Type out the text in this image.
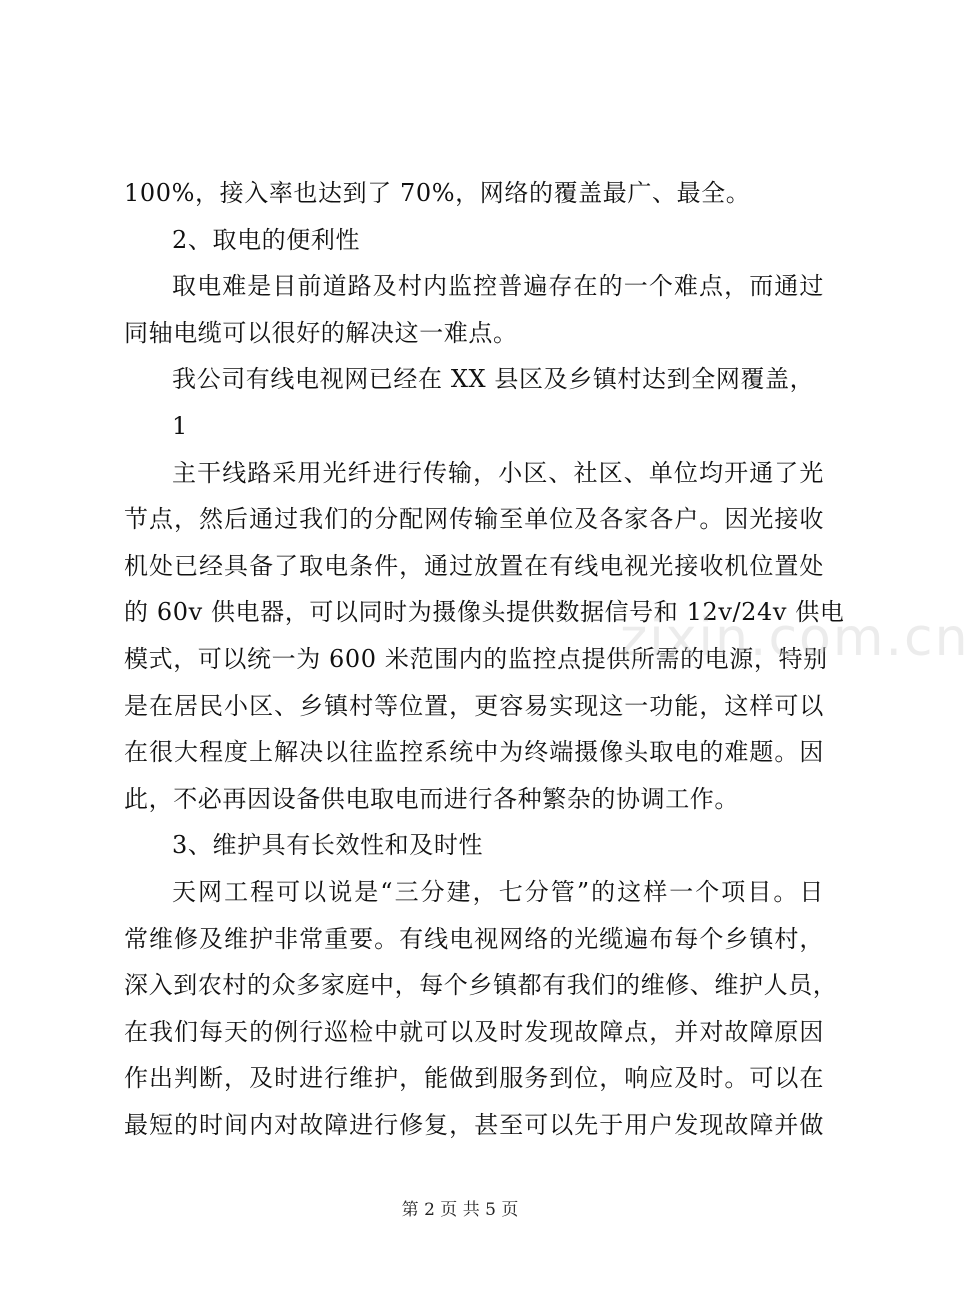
100%，接入率也达到了 70%，网络的覆盖最广、最全。
2、取电的便利性
取电难是目前道路及村内监控普遍存在的一个难点，而通过
同轴电缆可以很好的解决这一难点。
我公司有线电视网已经在 XX 县区及乡镇村达到全网覆盖，
1
主干线路采用光纤进行传输，小区、社区、单位均开通了光
节点，然后通过我们的分配网传输至单位及各家各户。因光接收
机处已经具备了取电条件，通过放置在有线电视光接收机位置处
的 60v 供电器，可以同时为摄像头提供数据信号和 12v/24v 供电
模式，可以统一为 600 米范围内的监控点提供所需的电源，特别
是在居民小区、乡镇村等位置，更容易实现这一功能，这样可以
在很大程度上解决以往监控系统中为终端摄像头取电的难题。因
此，不必再因设备供电取电而进行各种繁杂的协调工作。
3、维护具有长效性和及时性
天网工程可以说是“三分建，七分管”的这样一个项目。日
常维修及维护非常重要。有线电视网络的光缆遍布每个乡镇村，
深入到农村的众多家庭中，每个乡镇都有我们的维修、维护人员，
在我们每天的例行巡检中就可以及时发现故障点，并对故障原因
作出判断，及时进行维护，能做到服务到位，响应及时。可以在
最短的时间内对故障进行修复，甚至可以先于用户发现故障并做
zixin.com.cn
第 2 页 共 5 页
